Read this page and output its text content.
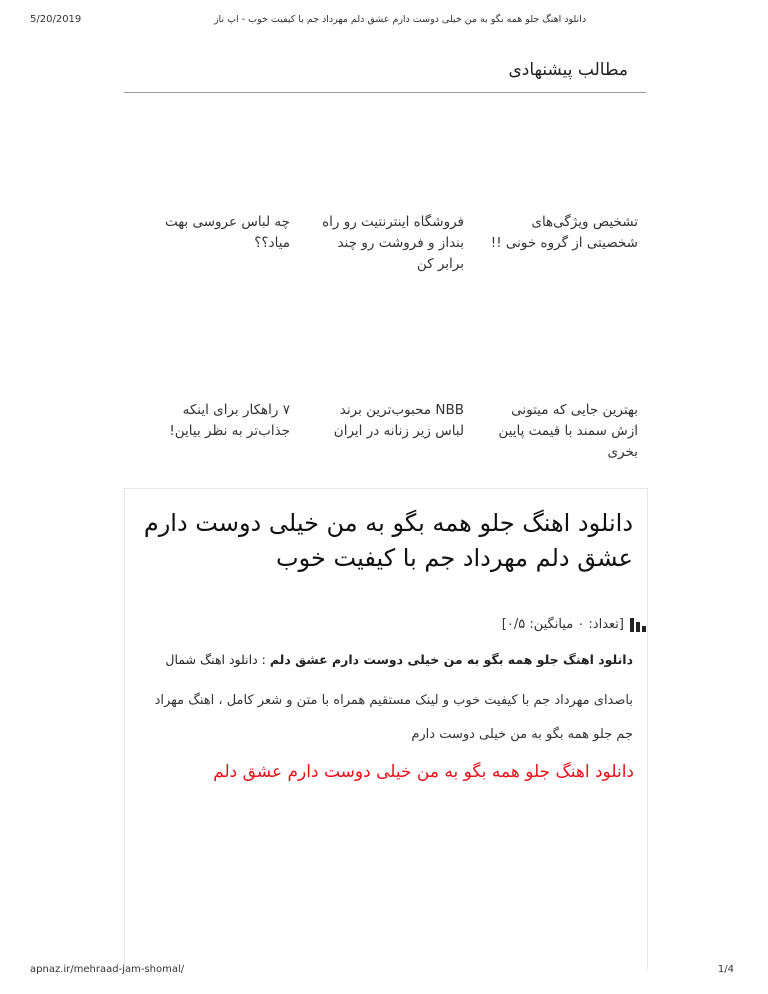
5/20/2019	دانلود اهنگ جلو همه بگو به من خیلی دوست دارم عشق دلم مهرداد جم با کیفیت خوب - اپ ناز
مطالب پیشنهادی
تشخیص ویژگی‌های شخصیتی از گروه خونی !!
فروشگاه اینترنتیت رو راه بنداز و فروشت رو چند برابر کن
چه لباس عروسی بهت میاد؟؟
بهترین جایی که میتونی ازش سمند با قیمت پایین بخری
NBB محبوب‌ترین برند لباس زیر زنانه در ایران
۷ راهکار برای اینکه جذاب‌تر به نظر بیاین!
دانلود اهنگ جلو همه بگو به من خیلی دوست دارم عشق دلم مهرداد جم با کیفیت خوب
[تعداد: ۰ میانگین: ۰/۵]
دانلود اهنگ جلو همه بگو به من خیلی دوست دارم عشق دلم : دانلود اهنگ شمال
باصدای مهرداد جم با کیفیت خوب و لینک مستقیم همراه با متن و شعر کامل ، اهنگ مهراد جم جلو همه بگو به من خیلی دوست دارم
دانلود اهنگ جلو همه بگو به من خیلی دوست دارم عشق دلم
apnaz.ir/mehraad-jam-shomal/	1/4
